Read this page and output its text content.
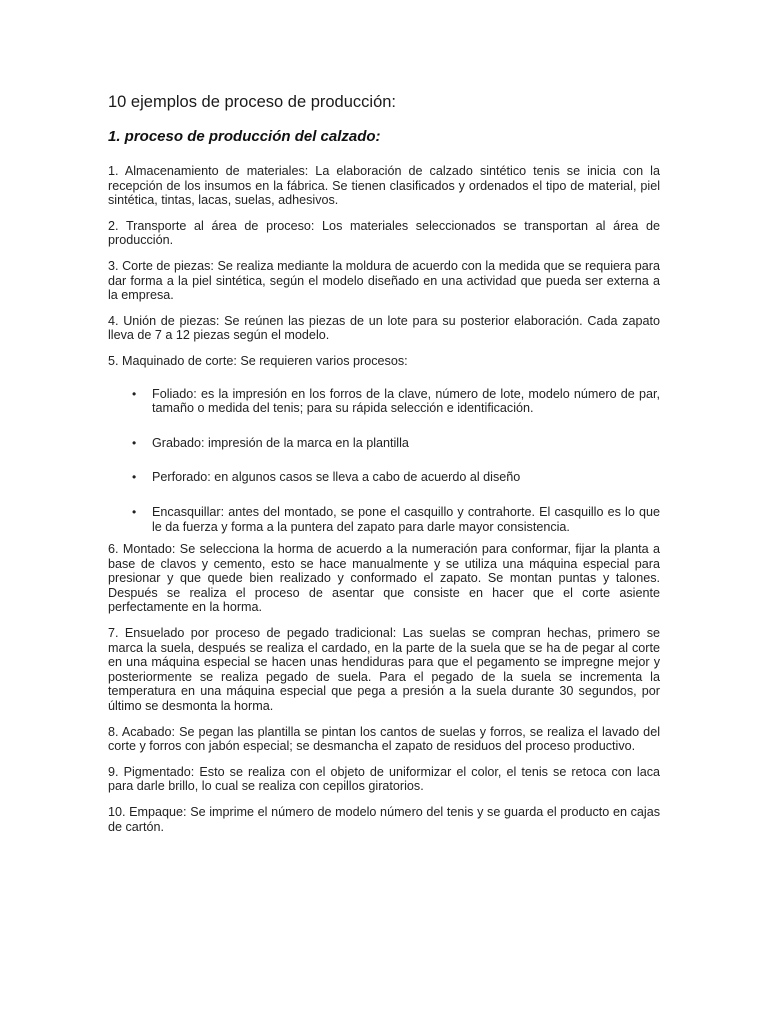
10 ejemplos de proceso de producción:
1. proceso de producción del calzado:

1. Almacenamiento de materiales: La elaboración de calzado sintético tenis se inicia con la recepción de los insumos en la fábrica. Se tienen clasificados y ordenados el tipo de material, piel sintética, tintas, lacas, suelas, adhesivos.

2. Transporte al área de proceso: Los materiales seleccionados se transportan al área de producción.

3. Corte de piezas: Se realiza mediante la moldura de acuerdo con la medida que se requiera para dar forma a la piel sintética, según el modelo diseñado en una actividad que pueda ser externa a la empresa.

4. Unión de piezas: Se reúnen las piezas de un lote para su posterior elaboración. Cada zapato lleva de 7 a 12 piezas según el modelo.

5. Maquinado de corte: Se requieren varios procesos:

• Foliado: es la impresión en los forros de la clave, número de lote, modelo número de par, tamaño o medida del tenis; para su rápida selección e identificación.
• Grabado: impresión de la marca en la plantilla
• Perforado: en algunos casos se lleva a cabo de acuerdo al diseño
• Encasquillar: antes del montado, se pone el casquillo y contrahorte. El casquillo es lo que le da fuerza y forma a la puntera del zapato para darle mayor consistencia.

6. Montado: Se selecciona la horma de acuerdo a la numeración para conformar, fijar la planta a base de clavos y cemento, esto se hace manualmente y se utiliza una máquina especial para presionar y que quede bien realizado y conformado el zapato. Se montan puntas y talones. Después se realiza el proceso de asentar que consiste en hacer que el corte asiente perfectamente en la horma.

7. Ensuelado por proceso de pegado tradicional: Las suelas se compran hechas, primero se marca la suela, después se realiza el cardado, en la parte de la suela que se ha de pegar al corte en una máquina especial se hacen unas hendiduras para que el pegamento se impregne mejor y posteriormente se realiza pegado de suela. Para el pegado de la suela se incrementa la temperatura en una máquina especial que pega a presión a la suela durante 30 segundos, por último se desmonta la horma.

8. Acabado: Se pegan las plantilla se pintan los cantos de suelas y forros, se realiza el lavado del corte y forros con jabón especial; se desmancha el zapato de residuos del proceso productivo.

9. Pigmentado: Esto se realiza con el objeto de uniformizar el color, el tenis se retoca con laca para darle brillo, lo cual se realiza con cepillos giratorios.

10. Empaque: Se imprime el número de modelo número del tenis y se guarda el producto en cajas de cartón.
